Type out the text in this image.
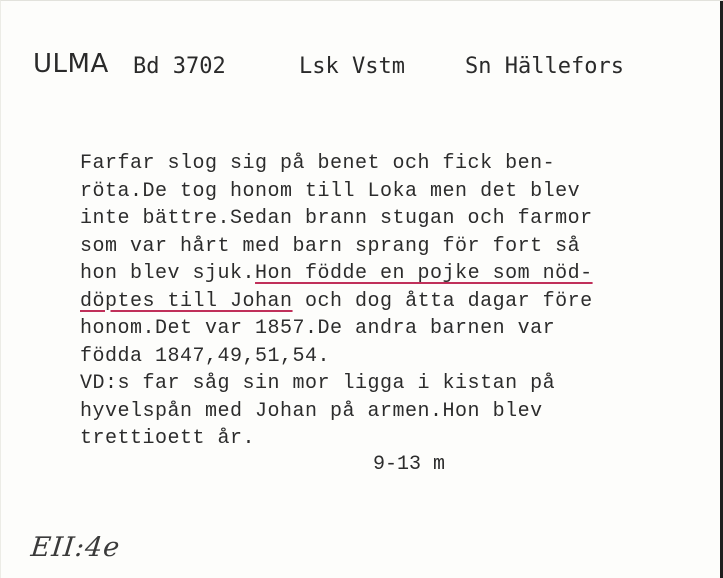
ULMA Bd 3702	Lsk Vstm	Sn Hällefors
Farfar slog sig på benet och fick ben-
röta.De tog honom till Loka men det blev
inte bättre.Sedan brann stugan och farmor
som var hårt med barn sprang för fort så
hon blev sjuk.Hon födde en pojke som nöd-
döptes till Johan och dog åtta dagar före
honom.Det var 1857.De andra barnen var
födda 1847,49,51,54.
VD:s far såg sin mor ligga i kistan på
hyvelspån med Johan på armen.Hon blev
trettioett år.
9-13 m
EII:4e
